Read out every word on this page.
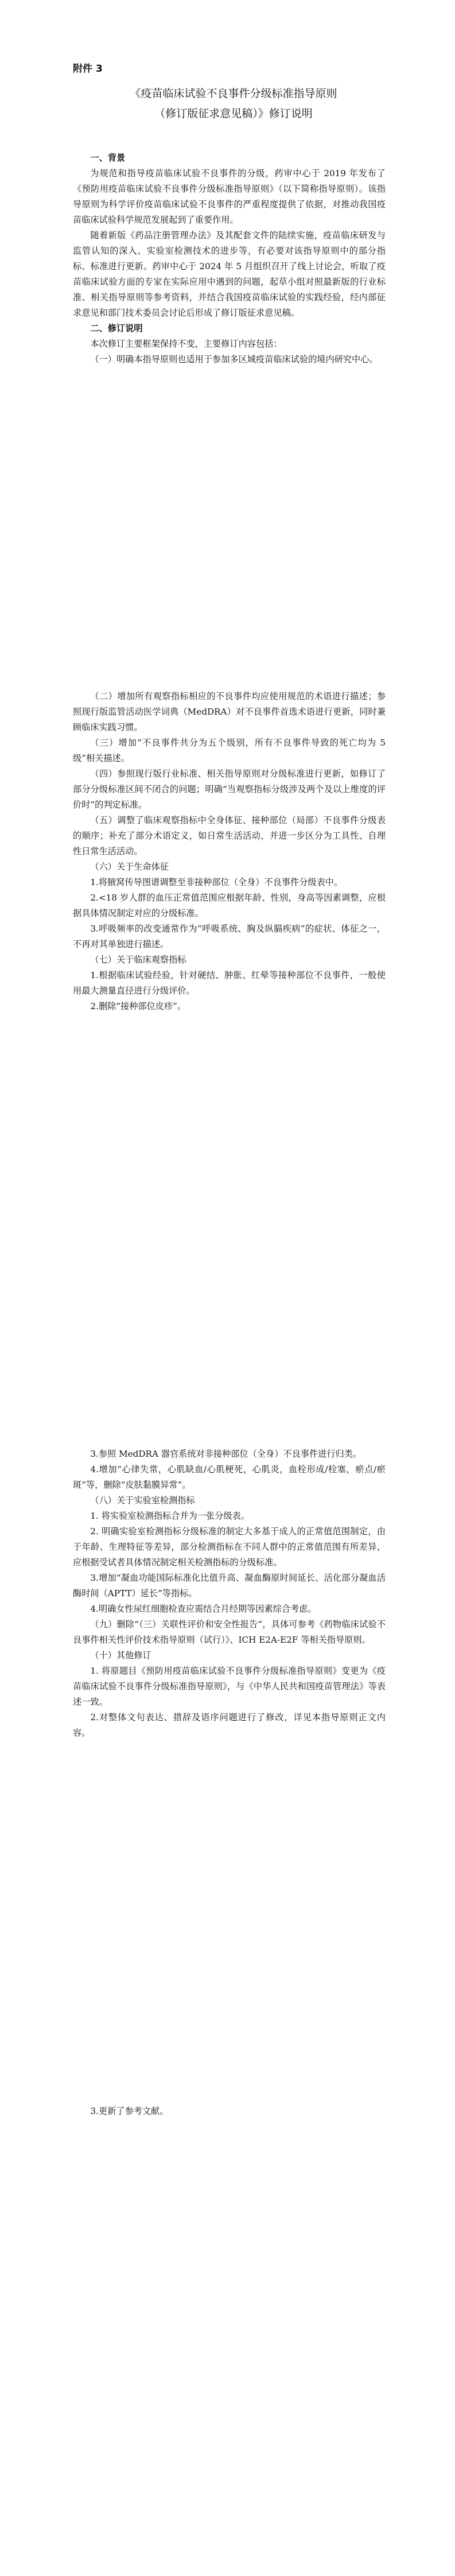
附件 3
《疫苗临床试验不良事件分级标准指导原则
（修订版征求意见稿）》修订说明

一、背景

为规范和指导疫苗临床试验不良事件的分级，药审中心于 2019 年发布了《预防用疫苗临床试验不良事件分级标准指导原则》（以下简称指导原则）。该指导原则为科学评价疫苗临床试验不良事件的严重程度提供了依据，对推动我国疫苗临床试验科学规范发展起到了重要作用。

随着新版《药品注册管理办法》及其配套文件的陆续实施，疫苗临床研发与监管认知的深入、实验室检测技术的进步等，有必要对该指导原则中的部分指标、标准进行更新。药审中心于 2024 年 5 月组织召开了线上讨论会，听取了疫苗临床试验方面的专家在实际应用中遇到的问题，起草小组对照最新版的行业标准、相关指导原则等参考资料，并结合我国疫苗临床试验的实践经验，经内部征求意见和部门技术委员会讨论后形成了修订版征求意见稿。

二、修订说明

本次修订主要框架保持不变，主要修订内容包括：

（一）明确本指导原则也适用于参加多区域疫苗临床试验的境内研究中心。

（二）增加所有观察指标相应的不良事件均应使用规范的术语进行描述；参照现行版监管活动医学词典（MedDRA）对不良事件首选术语进行更新，同时兼顾临床实践习惯。

（三）增加“不良事件共分为五个级别，所有不良事件导致的死亡均为 5 级”相关描述。

（四）参照现行版行业标准、相关指导原则对分级标准进行更新，如修订了部分分级标准区间不闭合的问题；明确“当观察指标分级涉及两个及以上维度的评价时”的判定标准。

（五）调整了临床观察指标中全身体征、接种部位（局部）不良事件分级表的顺序；补充了部分术语定义，如日常生活活动，并进一步区分为工具性、自理性日常生活活动。

（六）关于生命体征

1.将腋窝传导图谱调整至非接种部位（全身）不良事件分级表中。

2.<18 岁人群的血压正常值范围应根据年龄、性别，身高等因素调整，应根据具体情况制定对应的分级标准。

3.呼吸频率的改变通常作为“呼吸系统、胸及纵膈疾病”的症状、体征之一，不再对其单独进行描述。

（七）关于临床观察指标

1.根据临床试验经验，针对硬结、肿胀、红晕等接种部位不良事件，一般使用最大测量直径进行分级评价。

2.删除“接种部位皮疹”。

3.参照 MedDRA 器官系统对非接种部位（全身）不良事件进行归类。

4.增加“心律失常，心肌缺血/心肌梗死，心肌炎，血栓形成/栓塞，瘀点/瘀斑”等，删除“皮肤黏膜异常”。

（八）关于实验室检测指标

1. 将实验室检测指标合并为一张分级表。

2. 明确实验室检测指标分级标准的制定大多基于成人的正常值范围制定，由于年龄、生理特征等差异，部分检测指标在不同人群中的正常值范围有所差异，应根据受试者具体情况制定相关检测指标的分级标准。

3.增加“凝血功能国际标准化比值升高、凝血酶原时间延长、活化部分凝血活酶时间（APTT）延长”等指标。

4.明确女性尿红细胞检查应需结合月经期等因素综合考虑。

（九）删除“（三）关联性评价和安全性报告”，具体可参考《药物临床试验不良事件相关性评价技术指导原则（试行）》、ICH E2A-E2F 等相关指导原则。

（十）其他修订

1. 将原题目《预防用疫苗临床试验不良事件分级标准指导原则》变更为《疫苗临床试验不良事件分级标准指导原则》，与《中华人民共和国疫苗管理法》等表述一致。

2.对整体文句表达、措辞及语序问题进行了修改，详见本指导原则正文内容。

3.更新了参考文献。
